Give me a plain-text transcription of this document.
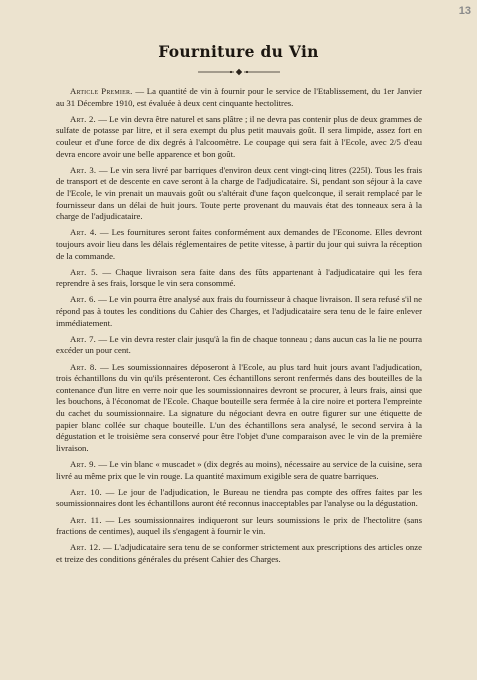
13
Fourniture du Vin

Article Premier. — La quantité de vin à fournir pour le service de l'Etablissement, du 1er Janvier au 31 Décembre 1910, est évaluée à deux cent cinquante hectolitres.

Art. 2. — Le vin devra être naturel et sans plâtre ; il ne devra pas contenir plus de deux grammes de sulfate de potasse par litre, et il sera exempt du plus petit mauvais goût. Il sera limpide, assez fort en couleur et d'une force de dix degrés à l'alcoomètre. Le coupage qui sera fait à l'Ecole, avec 2/5 d'eau devra encore avoir une belle apparence et bon goût.

Art. 3. — Le vin sera livré par barriques d'environ deux cent vingt-cinq litres (225l). Tous les frais de transport et de descente en cave seront à la charge de l'adjudicataire. Si, pendant son séjour à la cave de l'Ecole, le vin prenait un mauvais goût ou s'altérait d'une façon quelconque, il serait remplacé par le fournisseur dans un délai de huit jours. Toute perte provenant du mauvais état des tonneaux sera à la charge de l'adjudicataire.

Art. 4. — Les fournitures seront faites conformément aux demandes de l'Econome. Elles devront toujours avoir lieu dans les délais réglementaires de petite vitesse, à partir du jour qui suivra la réception de la commande.

Art. 5. — Chaque livraison sera faite dans des fûts appartenant à l'adjudicataire qui les fera reprendre à ses frais, lorsque le vin sera consommé.

Art. 6. — Le vin pourra être analysé aux frais du fournisseur à chaque livraison. Il sera refusé s'il ne répond pas à toutes les conditions du Cahier des Charges, et l'adjudicataire sera tenu de le faire enlever immédiatement.

Art. 7. — Le vin devra rester clair jusqu'à la fin de chaque tonneau ; dans aucun cas la lie ne pourra excéder un pour cent.

Art. 8. — Les soumissionnaires déposeront à l'Ecole, au plus tard huit jours avant l'adjudication, trois échantillons du vin qu'ils présenteront. Ces échantillons seront renfermés dans des bouteilles de la contenance d'un litre en verre noir que les soumissionnaires devront se procurer, à leurs frais, ainsi que les bouchons, à l'économat de l'Ecole. Chaque bouteille sera fermée à la cire noire et portera l'empreinte du cachet du soumissionnaire. La signature du négociant devra en outre figurer sur une étiquette de papier blanc collée sur chaque bouteille. L'un des échantillons sera analysé, le second servira à la dégustation et le troisième sera conservé pour être l'objet d'une comparaison avec le vin de la première livraison.

Art. 9. — Le vin blanc « muscadet » (dix degrés au moins), nécessaire au service de la cuisine, sera livré au même prix que le vin rouge. La quantité maximum exigible sera de quatre barriques.

Art. 10. — Le jour de l'adjudication, le Bureau ne tiendra pas compte des offres faites par les soumissionnaires dont les échantillons auront été reconnus inacceptables par l'analyse ou la dégustation.

Art. 11. — Les soumissionnaires indiqueront sur leurs soumissions le prix de l'hectolitre (sans fractions de centimes), auquel ils s'engagent à fournir le vin.

Art. 12. — L'adjudicataire sera tenu de se conformer strictement aux prescriptions des articles onze et treize des conditions générales du présent Cahier des Charges.
